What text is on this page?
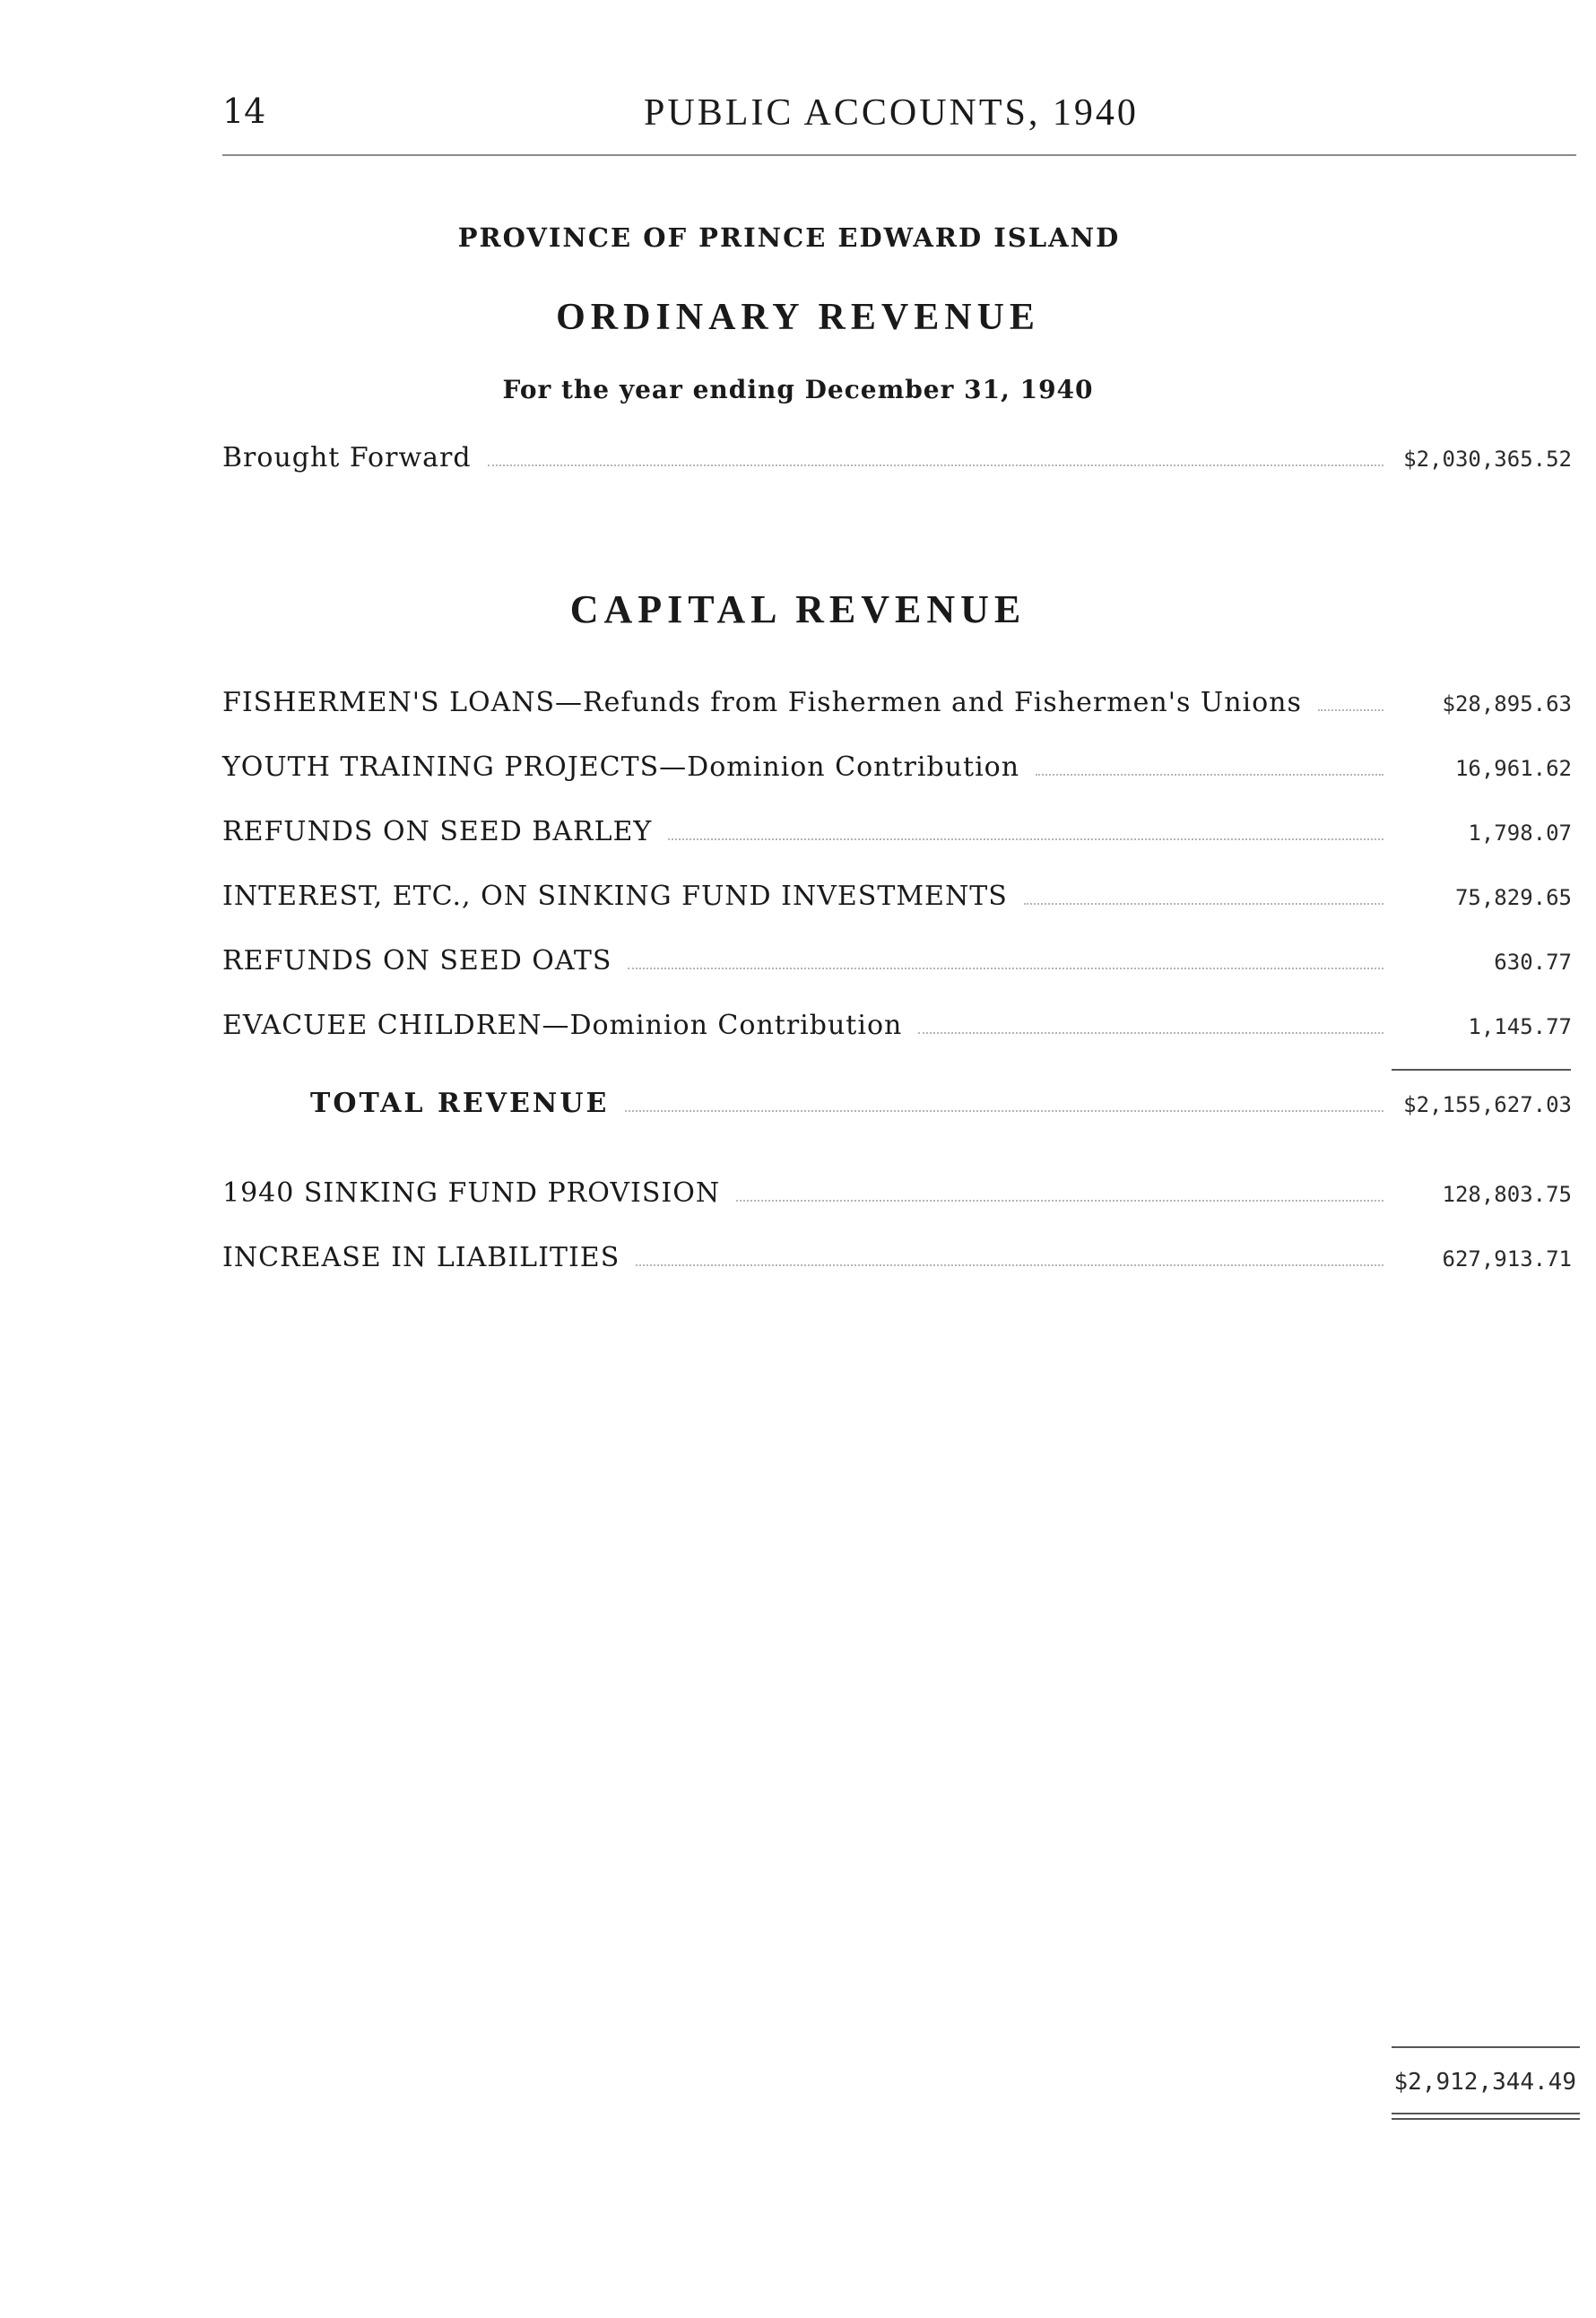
14	PUBLIC ACCOUNTS, 1940
PROVINCE OF PRINCE EDWARD ISLAND
ORDINARY REVENUE
For the year ending December 31, 1940
Brought Forward	$2,030,365.52
CAPITAL REVENUE
FISHERMEN'S LOANS—Refunds from Fishermen and Fishermen's Unions	$28,895.63
YOUTH TRAINING PROJECTS—Dominion Contribution	16,961.62
REFUNDS ON SEED BARLEY	1,798.07
INTEREST, ETC., ON SINKING FUND INVESTMENTS	75,829.65
REFUNDS ON SEED OATS	630.77
EVACUEE CHILDREN—Dominion Contribution	1,145.77
TOTAL REVENUE	$2,155,627.03
1940 SINKING FUND PROVISION	128,803.75
INCREASE IN LIABILITIES	627,913.71
$2,912,344.49
